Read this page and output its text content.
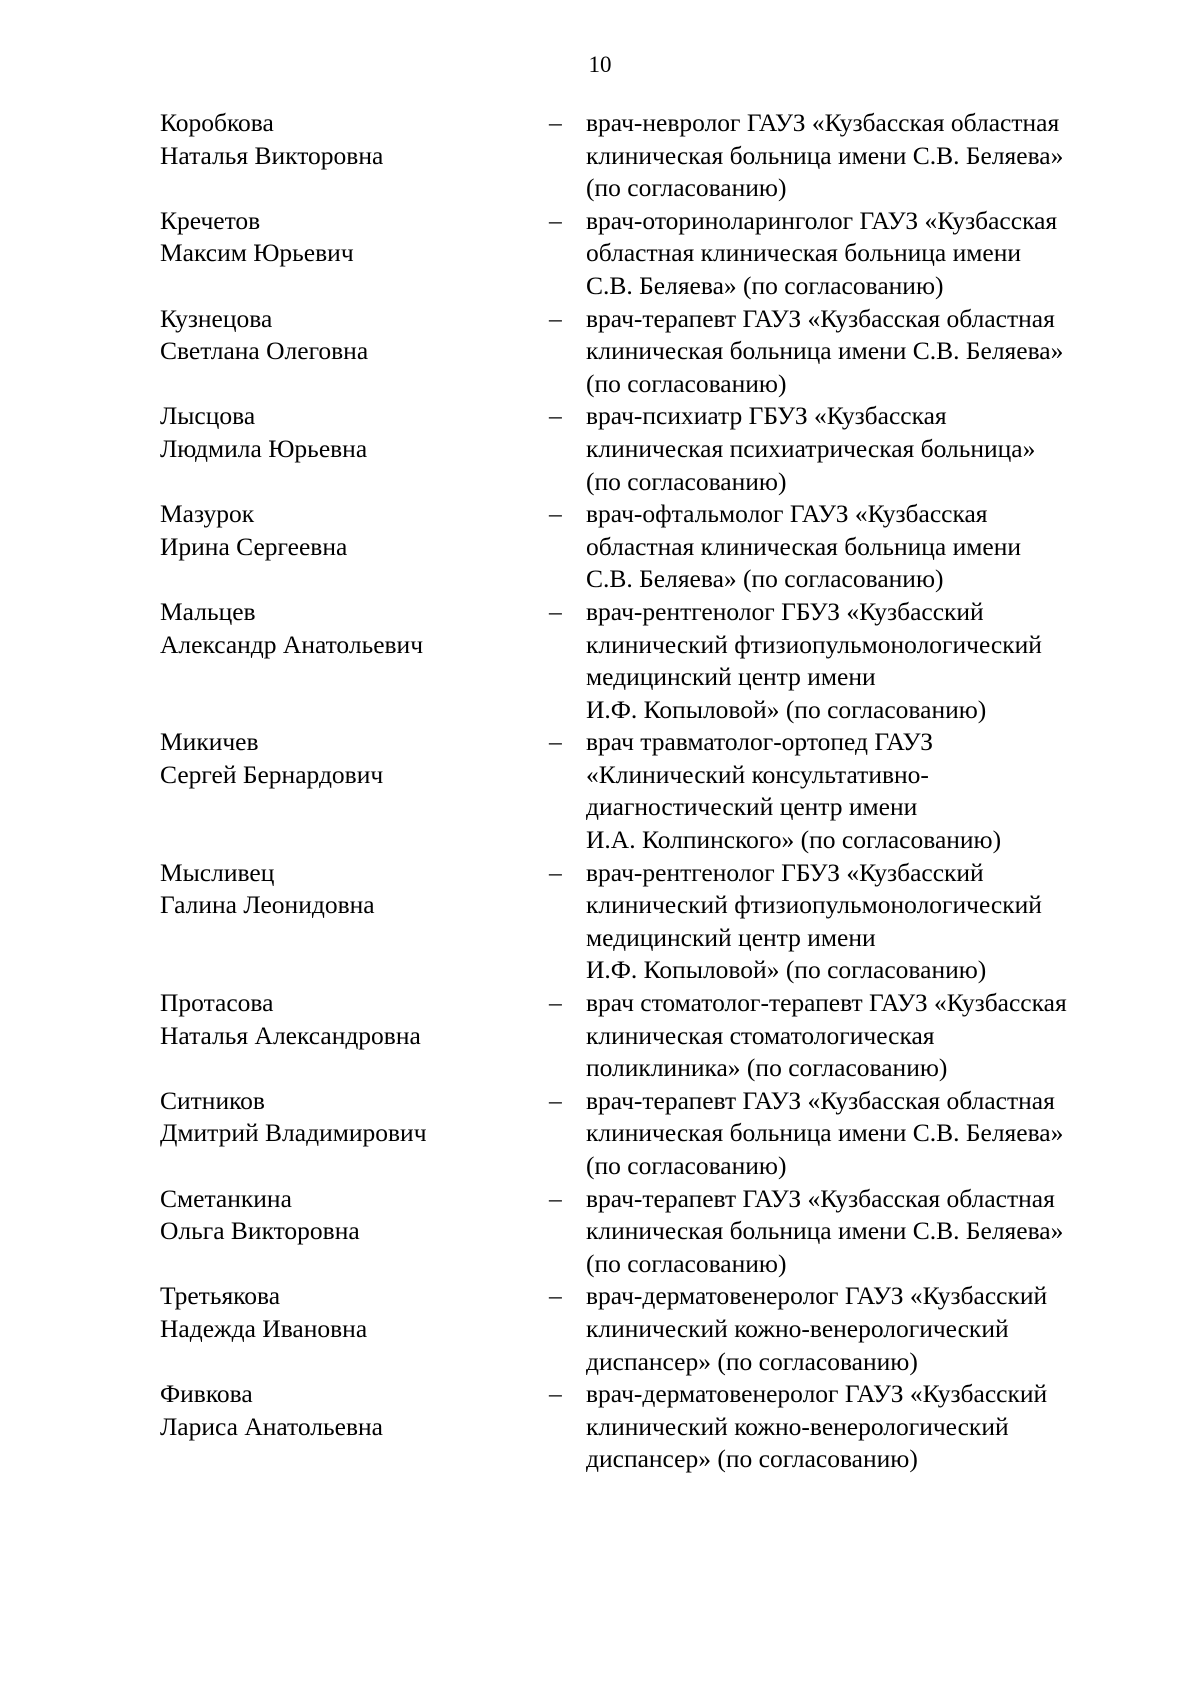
10
Коробкова
Наталья Викторовна
– врач-невролог ГАУЗ «Кузбасская областная
клиническая больница имени С.В. Беляева»
(по согласованию)
Кречетов
Максим Юрьевич
– врач-оториноларинголог ГАУЗ «Кузбасская
областная клиническая больница имени
С.В. Беляева» (по согласованию)
Кузнецова
Светлана Олеговна
– врач-терапевт ГАУЗ «Кузбасская областная
клиническая больница имени С.В. Беляева»
(по согласованию)
Лысцова
Людмила Юрьевна
– врач-психиатр ГБУЗ «Кузбасская
клиническая психиатрическая больница»
(по согласованию)
Мазурок
Ирина Сергеевна
– врач-офтальмолог ГАУЗ «Кузбасская
областная клиническая больница имени
С.В. Беляева» (по согласованию)
Мальцев
Александр Анатольевич
– врач-рентгенолог ГБУЗ «Кузбасский
клинический фтизиопульмонологический
медицинский центр имени
И.Ф. Копыловой» (по согласованию)
Микичев
Сергей Бернардович
– врач травматолог-ортопед ГАУЗ
«Клинический консультативно-
диагностический центр имени
И.А. Колпинского» (по согласованию)
Мысливец
Галина Леонидовна
– врач-рентгенолог ГБУЗ «Кузбасский
клинический фтизиопульмонологический
медицинский центр имени
И.Ф. Копыловой» (по согласованию)
Протасова
Наталья Александровна
– врач стоматолог-терапевт ГАУЗ «Кузбасская
клиническая стоматологическая
поликлиника» (по согласованию)
Ситников
Дмитрий Владимирович
– врач-терапевт ГАУЗ «Кузбасская областная
клиническая больница имени С.В. Беляева»
(по согласованию)
Сметанкина
Ольга Викторовна
– врач-терапевт ГАУЗ «Кузбасская областная
клиническая больница имени С.В. Беляева»
(по согласованию)
Третьякова
Надежда Ивановна
– врач-дерматовенеролог ГАУЗ «Кузбасский
клинический кожно-венерологический
диспансер» (по согласованию)
Фивкова
Лариса Анатольевна
– врач-дерматовенеролог ГАУЗ «Кузбасский
клинический кожно-венерологический
диспансер» (по согласованию)
